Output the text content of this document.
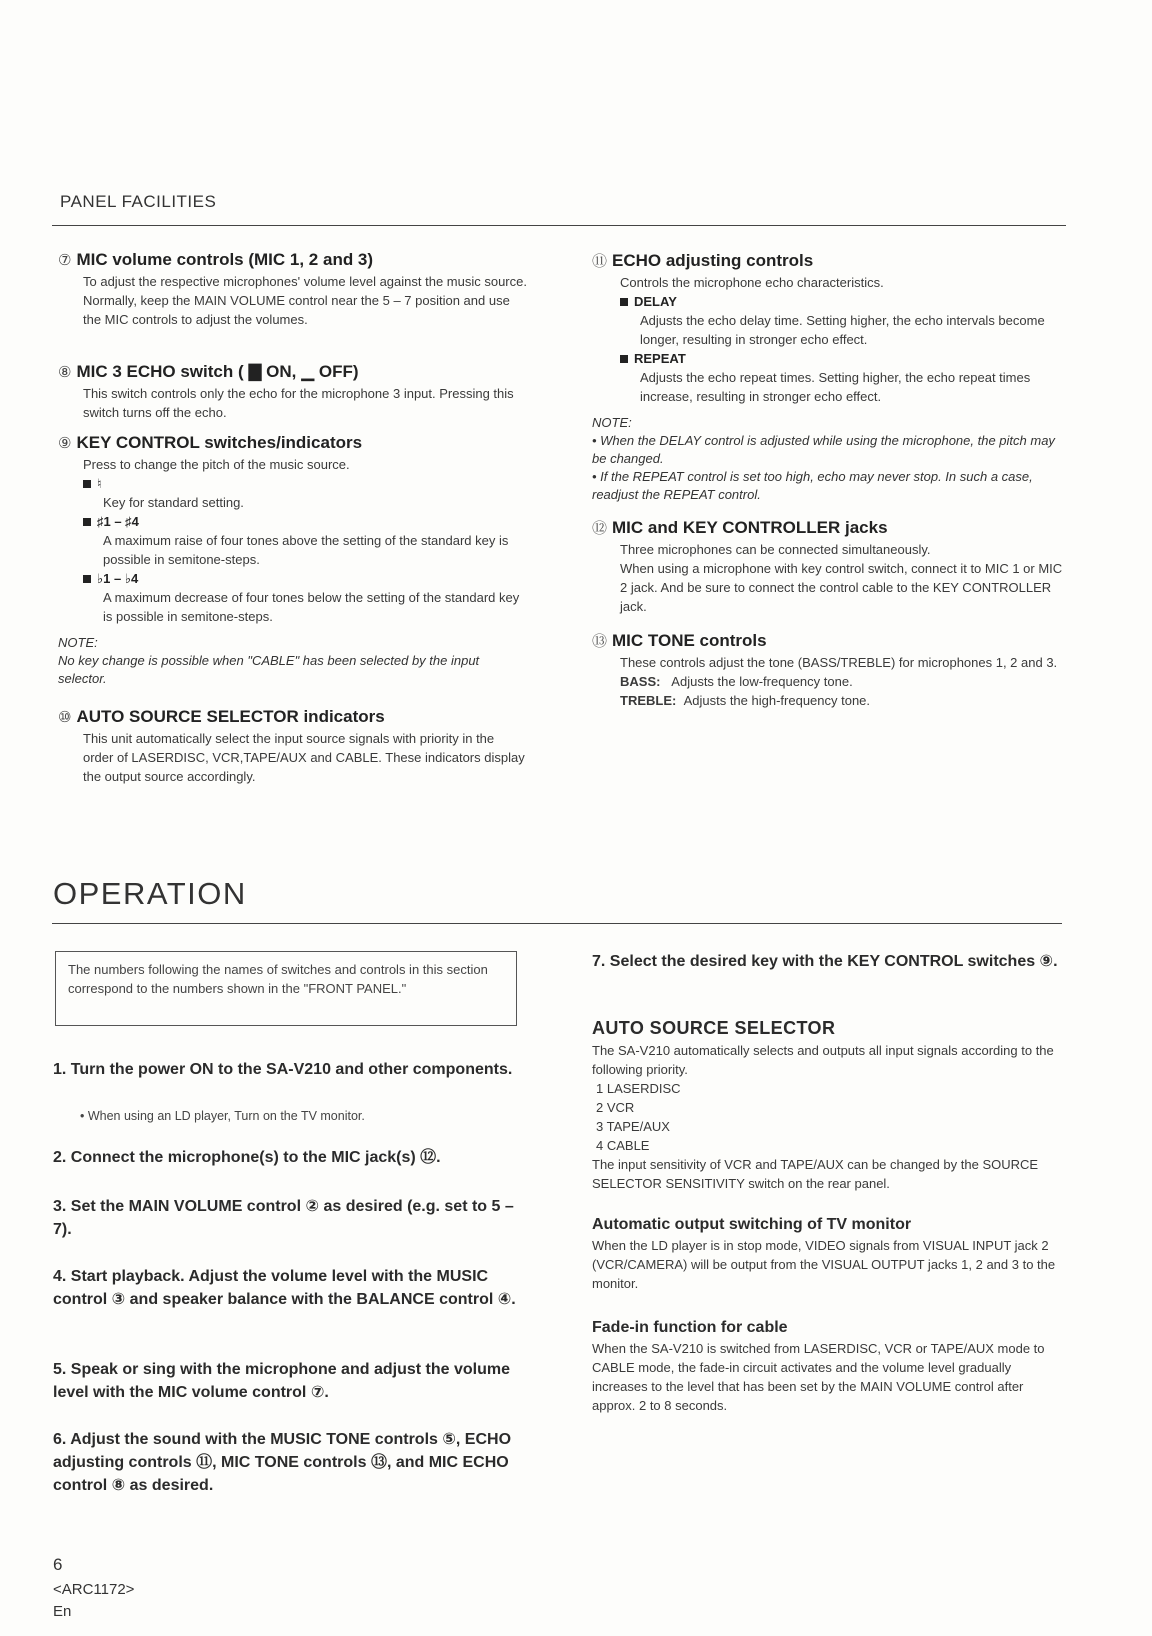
PANEL FACILITIES
⑦ MIC volume controls (MIC 1, 2 and 3)

To adjust the respective microphones' volume level against the music source.

Normally, keep the MAIN VOLUME control near the 5 – 7 position and use the MIC controls to adjust the volumes.

⑧ MIC 3 ECHO switch ( ▇ ON, ▁ OFF)

This switch controls only the echo for the microphone 3 input. Pressing this switch turns off the echo.

⑨ KEY CONTROL switches/indicators

Press to change the pitch of the music source.

♮

Key for standard setting.

♯1 – ♯4

A maximum raise of four tones above the setting of the standard key is possible in semitone-steps.

♭1 – ♭4

A maximum decrease of four tones below the setting of the standard key is possible in semitone-steps.

NOTE:
No key change is possible when "CABLE" has been selected by the input selector.
⑩ AUTO SOURCE SELECTOR indicators

This unit automatically select the input source signals with priority in the order of LASERDISC, VCR,TAPE/AUX and CABLE. These indicators display the output source accordingly.

⑪ ECHO adjusting controls

Controls the microphone echo characteristics.

DELAY

Adjusts the echo delay time. Setting higher, the echo intervals become longer, resulting in stronger echo effect.

REPEAT

Adjusts the echo repeat times. Setting higher, the echo repeat times increase, resulting in stronger echo effect.

NOTE:
• When the DELAY control is adjusted while using the microphone, the pitch may be changed.
• If the REPEAT control is set too high, echo may never stop. In such a case, readjust the REPEAT control.
⑫ MIC and KEY CONTROLLER jacks

Three microphones can be connected simultaneously.

When using a microphone with key control switch, connect it to MIC 1 or MIC 2 jack. And be sure to connect the control cable to the KEY CONTROLLER jack.

⑬ MIC TONE controls

These controls adjust the tone (BASS/TREBLE) for microphones 1, 2 and 3.

BASS: Adjusts the low-frequency tone.
TREBLE: Adjusts the high-frequency tone.
OPERATION
The numbers following the names of switches and controls in this section correspond to the numbers shown in the "FRONT PANEL."
1. Turn the power ON to the SA-V210 and other components.
• When using an LD player, Turn on the TV monitor.
2. Connect the microphone(s) to the MIC jack(s) ⑫.
3. Set the MAIN VOLUME control ② as desired (e.g. set to 5 – 7).
4. Start playback. Adjust the volume level with the MUSIC control ③ and speaker balance with the BALANCE control ④.
5. Speak or sing with the microphone and adjust the volume level with the MIC volume control ⑦.
6. Adjust the sound with the MUSIC TONE controls ⑤, ECHO adjusting controls ⑪, MIC TONE controls ⑬, and MIC ECHO control ⑧ as desired.
7. Select the desired key with the KEY CONTROL switches ⑨.
AUTO SOURCE SELECTOR

The SA-V210 automatically selects and outputs all input signals according to the following priority.

1 LASERDISC
2 VCR
3 TAPE/AUX
4 CABLE

The input sensitivity of VCR and TAPE/AUX can be changed by the SOURCE SELECTOR SENSITIVITY switch on the rear panel.

Automatic output switching of TV monitor

When the LD player is in stop mode, VIDEO signals from VISUAL INPUT jack 2 (VCR/CAMERA) will be output from the VISUAL OUTPUT jacks 1, 2 and 3 to the monitor.

Fade-in function for cable

When the SA-V210 is switched from LASERDISC, VCR or TAPE/AUX mode to CABLE mode, the fade-in circuit activates and the volume level gradually increases to the level that has been set by the MAIN VOLUME control after approx. 2 to 8 seconds.

6
<ARC1172>
En
